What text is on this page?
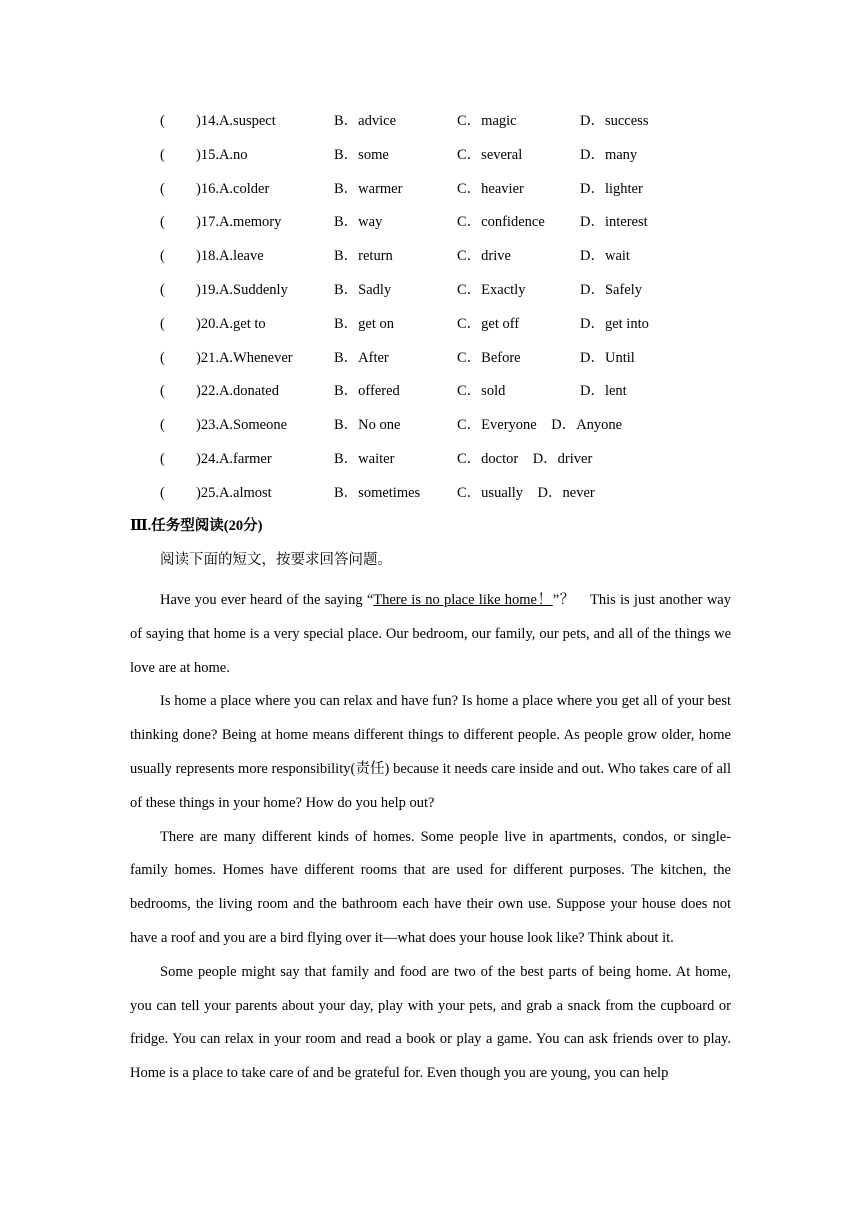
( )14.A.suspect	B．advice	C．magic	D．success
( )15.A.no	B．some	C．several	D．many
( )16.A.colder	B．warmer	C．heavier	D．lighter
( )17.A.memory	B．way	C．confidence D．interest
( )18.A.leave	B．return	C．drive	D．wait
( )19.A.Suddenly	B．Sadly	C．Exactly	D．Safely
( )20.A.get to	B．get on	C．get off	D．get into
( )21.A.Whenever	B．After	C．Before	D．Until
( )22.A.donated	B．offered	C．sold	D．lent
( )23.A.Someone	B．No one	C．Everyone　D．Anyone
( )24.A.farmer	B．waiter	C．doctor　D．driver
( )25.A.almost	B．sometimes	C．usually　D．never
Ⅲ.任务型阅读(20分)
阅读下面的短文，按要求回答问题。

Have you ever heard of the saying “There is no place like home！”？　This is just another way of saying that home is a very special place. Our bedroom, our family, our pets, and all of the things we love are at home.

Is home a place where you can relax and have fun? Is home a place where you get all of your best thinking done? Being at home means different things to different people. As people grow older, home usually represents more responsibility(责任) because it needs care inside and out. Who takes care of all of these things in your home? How do you help out?

There are many different kinds of homes. Some people live in apartments, condos, or single-family homes. Homes have different rooms that are used for different purposes. The kitchen, the bedrooms, the living room and the bathroom each have their own use. Suppose your house does not have a roof and you are a bird flying over it—what does your house look like? Think about it.

Some people might say that family and food are two of the best parts of being home. At home, you can tell your parents about your day, play with your pets, and grab a snack from the cupboard or fridge. You can relax in your room and read a book or play a game. You can ask friends over to play. Home is a place to take care of and be grateful for. Even though you are young, you can help
